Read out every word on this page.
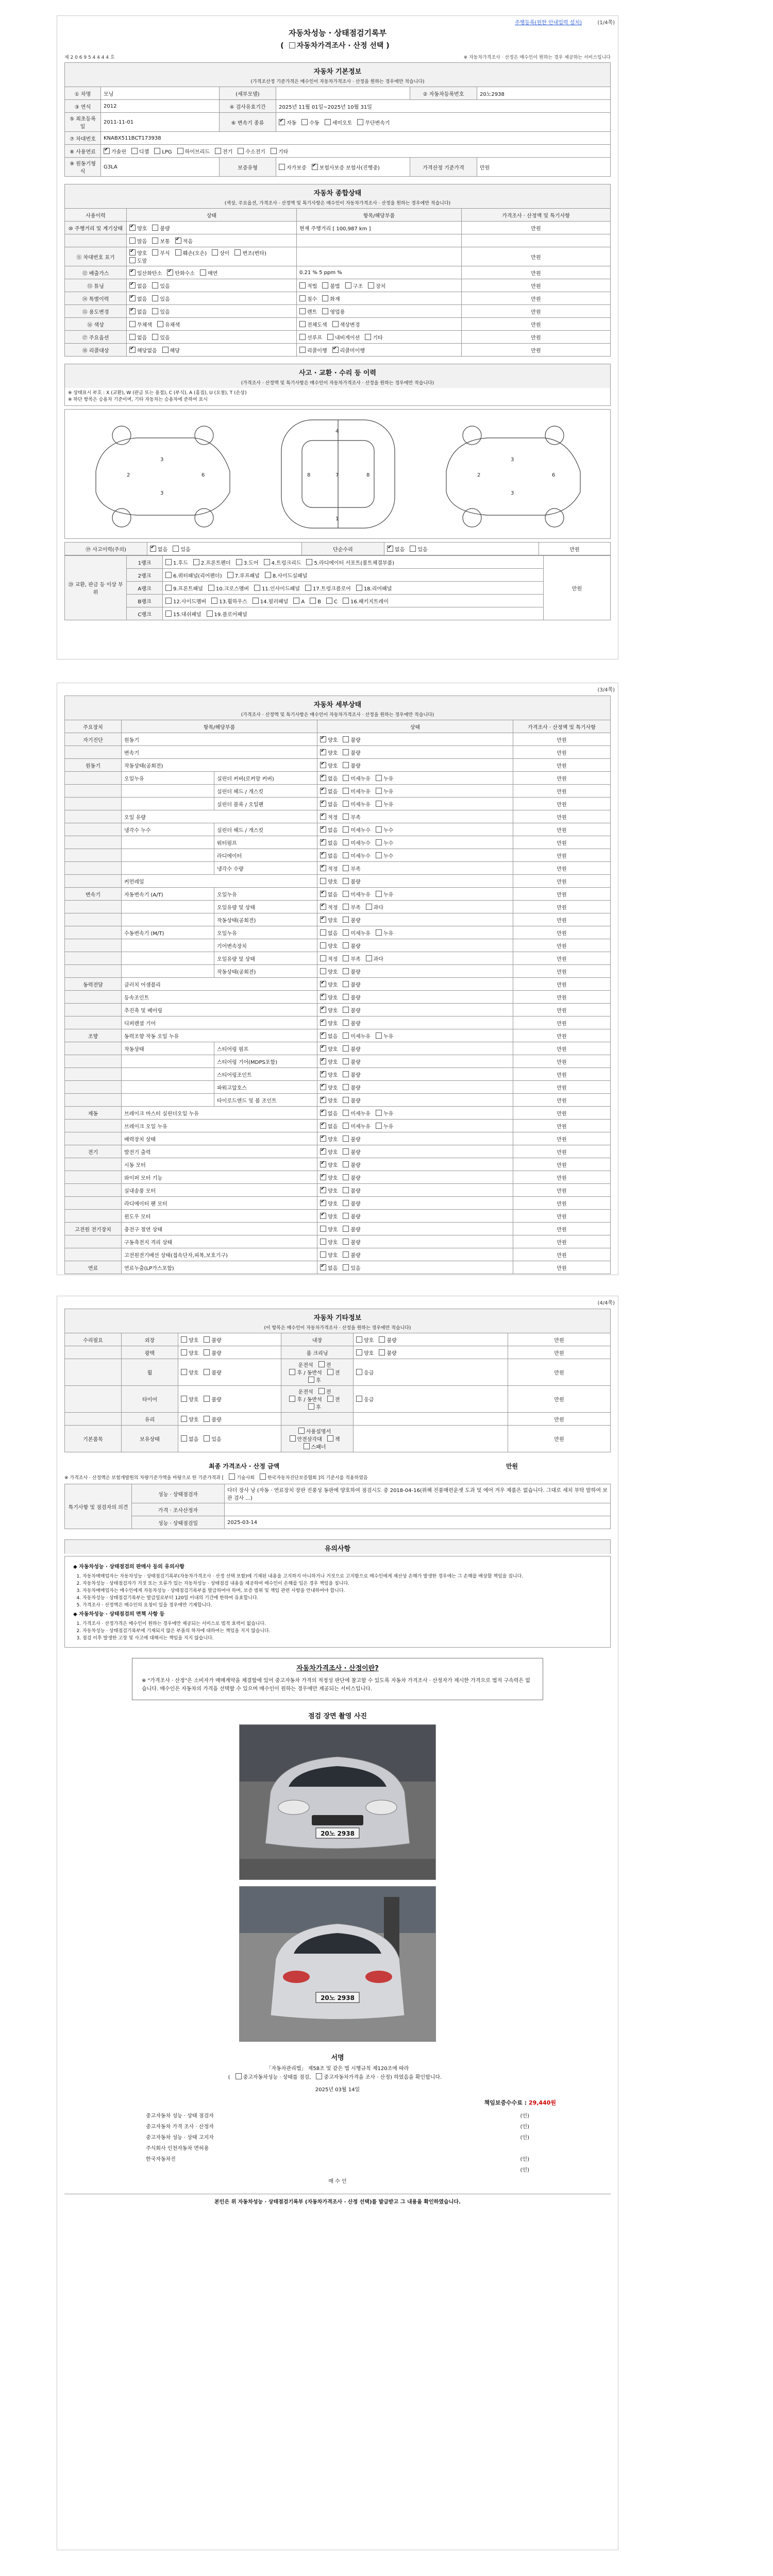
주행등록(원한 안내입력 설치)	(1/4쪽)
자동차성능 · 상태점검기록부
( 자동차가격조사 · 산정 선택 )
제 2 0 6 9 5 4 4 4 4 호	※ 자동차가격조사 · 산정은 매수인이 원하는 경우 제공하는 서비스입니다
자동차 기본정보
(가격조산정 기준가격은 매수인이 자동차가격조사 · 산정을 원하는 경우에만 적습니다)
① 차명	모닝	(세부모델)		② 자동차등록번호	20노2938
③ 연식	2012	④ 검사유효기간	2025년 11월 01일~2025년 10월 31일		
⑤ 최초등록일	2011-11-01	⑥ 변속기 종류	✔자동 수동 세미오토 무단변속기
⑦ 차대번호	KNABX511BCT173938				
⑧ 사용연료	✔가솔린 디젤 LPG 하이브리드 전기 수소전기 기타
⑨ 원동기형식	G3LA	보증유형	자가보증 ✔ 보험사보증 보험사(진행중)	가격산정 기준가격	만원
자동차 종합상태
(색상, 주요옵션, 가격조사 · 산정액 및 특기사항은 매수인이 자동차가격조사 · 산정을 원하는 경우에만 적습니다)
사용이력	상태	항목/해당부품	가격조사 · 산정액 및 특기사항
⑩ 주행거리 및 계기상태	✔양호 불량	현재 주행거리 [ 100,987 km ]	만원
	많음 보통 ✔ 적음		
⑪ 차대번호 표기	✔양호 부식 훼손(오손) 상이 변조(변타)도말		만원
⑫ 배출가스	✔일산화탄소 ✔ 탄화수소 매연	0.21 % 5 ppm %	만원
⑬ 튜닝	✔없음 있음	적법 불법 구조 장치	만원
⑭ 특별이력	✔없음 있음	침수 화재	만원
⑮ 용도변경	✔없음 있음	렌트 영업용	만원
⑯ 색상	무채색 유채색	전체도색 색상변경	만원
⑰ 주요옵션	없음 있음	선루프 내비게이션 기타	만원
⑱ 리콜대상	✔해당없음 해당	리콜이행 ✔ 리콜미이행	만원
사고 · 교환 · 수리 등 이력
(가격조사 · 산정액 및 특기사항은 매수인이 자동차가격조사 · 산정을 원하는 경우에만 적습니다)
※ 상태표시 부호 : X (교환), W (판금 또는 용접), C (부식), A (흠집), U (요철), T (손상)
※ 하단 항목은 승용차 기준이며, 기타 자동차는 승용차에 준하여 표시
3
3
2	6
4
1
7
8	8
3
3
2	6
⑲ 사고이력(주의)	✔없음	있음	단순수리	✔없음	있음	만원
⑳ 교환, 판금 등 이상 부위	1랭크	1.후드 2.프론트펜더 3.도어 4.트렁크리드 5.라디에이터 서포트(볼트체결부품)	만원
	2랭크	6.쿼터패널(리어펜더) 7.루프패널 8.사이드실패널	
	A랭크	9.프론트패널 10.크로스멤버 11.인사이드패널 17.트렁크플로어 18.리어패널	
	B랭크	12.사이드멤버 13.휠하우스 14.필러패널 A B C 16.패키지트레이	
	C랭크	15.대쉬패널 19.플로어패널	
(3/4쪽)
자동차 세부상태
(가격조사 · 산정액 및 특기사항은 매수인이 자동차가격조사 · 산정을 원하는 경우에만 적습니다)
주요장치	항목/해당부품		상태	가격조사 · 산정액 및 특기사항
자기진단	원동기	✔양호 불량	만원
	변속기	✔양호 불량	만원
원동기	작동상태(공회전)	✔양호 불량	만원
	오일누유	실린더 커버(로커암 커버)	✔없음 미세누유 누유	만원
		실린더 헤드 / 개스킷	✔없음 미세누유 누유	만원
		실린더 블록 / 오일팬	✔없음 미세누유 누유	만원
	오일 유량	✔적정 부족	만원
	냉각수 누수	실린더 헤드 / 개스킷	✔없음 미세누수 누수	만원
		워터펌프	✔없음 미세누수 누수	만원
		라디에이터	✔없음 미세누수 누수	만원
		냉각수 수량	✔적정 부족	만원
	커먼레일		양호 불량	만원
변속기	자동변속기 (A/T)	오일누유	✔없음 미세누유 누유	만원
		오일유량 및 상태	✔적정 부족 과다	만원
		작동상태(공회전)	✔양호 불량	만원
	수동변속기 (M/T)	오일누유	없음 미세누유 누유	만원
		기어변속장치	양호 불량	만원
		오일유량 및 상태	적정 부족 과다	만원
		작동상태(공회전)	양호 불량	만원
동력전달	클러치 어셈블리	✔양호 불량	만원
	등속조인트	✔양호 불량	만원
	추진축 및 베어링	✔양호 불량	만원
	디퍼렌셜 기어	✔양호 불량	만원
조향	동력조향 작동 오일 누유	✔없음 미세누유 누유	만원
	작동상태	스티어링 펌프	✔양호 불량	만원
		스티어링 기어(MDPS포함)	✔양호 불량	만원
		스티어링조인트	✔양호 불량	만원
		파워고압호스	✔양호 불량	만원
		타이로드엔드 및 볼 조인트	✔양호 불량	만원
제동	브레이크 마스터 실린더오일 누유	✔없음 미세누유 누유	만원
	브레이크 오일 누유	✔없음 미세누유 누유	만원
	배력장치 상태	✔양호 불량	만원
전기	발전기 출력	✔양호 불량	만원
	시동 모터	✔양호 불량	만원
	와이퍼 모터 기능	✔양호 불량	만원
	실내송풍 모터	✔양호 불량	만원
	라디에이터 팬 모터	✔양호 불량	만원
	윈도우 모터	✔양호 불량	만원
고전원 전기장치	충전구 절연 상태		양호 불량	만원
	구동축전지 격리 상태		양호 불량	만원
	고전원전기배선 상태(접속단자,피복,보호기구)		양호 불량	만원
연료	연료누출(LP가스포함)	✔없음 있음	만원
(4/4쪽)
자동차 기타정보
(이 항목은 매수인이 자동차가격조사 · 산정을 원하는 경우에만 적습니다)
수리필요	외장	양호 불량	내장	양호 불량	만원
	광택	양호 불량	룸 크리닝	양호 불량	만원
	휠	양호 불량	운전석 전후 / 동반석 전후	응급	만원
	타이어	양호 불량	운전석 전후 / 동반석 전후	응급	만원
	유리	양호 불량			만원
기본품목	보유상태	없음 있음	사용설명서안전삼각대 잭스패너		만원
최종 가격조사 · 산정 금액	만원
※ 가격조사 · 산정액은 보험개발원의 차량기준가액을 바탕으로 한 기준가격과 [	기술사회	한국자동차진단보증협회 ]의 기준서를 적용하였음
특기사항 및 점검자의 의견	성능 · 상태점검자	다더 장사 낭 (자동 · 연료장치 장판 진풍성 동판에 양호하여 점검시도 중 2018-04-16(위해 진풍매련운셋 도과 및 에어 겨우 제품은 없습니다. 그대로 세치 부탁 말하여 보관 검사 ...)
	가격 · 조사산정자	
	성능 · 상태점검일	2025-03-14
유의사항
◆ 자동차성능 · 상태점검의 판매사 등의 유의사항
1. 자동차매매업자는 자동차성능 · 상태점검기록부(자동차가격조사 · 산정 선택 포함)에 기재된 내용을 고지하지 아니하거나 거짓으로 고지함으로 매수인에게 재산상 손해가 발생한 경우에는 그 손해를 배상할 책임을 집니다.
2. 자동차성능 · 상태점검자가 거짓 또는 오류가 있는 자동차성능 · 상태점검 내용을 제공하여 매수인이 손해를 입은 경우 책임을 집니다.
3. 자동차매매업자는 매수인에게 자동차성능 · 상태점검기록부를 발급하여야 하며, 보증 범위 및 책임 관련 사항을 안내하여야 합니다.
4. 자동차성능 · 상태점검기록부는 발급일로부터 120일 이내의 기간에 한하여 유효합니다.
5. 가격조사 · 산정액은 매수인의 요청이 있을 경우에만 기재합니다.
◆ 자동차성능 · 상태점검의 면책 사항 등
1. 가격조사 · 산정가격은 매수인이 원하는 경우에만 제공되는 서비스로 법적 효력이 없습니다.
2. 자동차성능 · 상태점검기록부에 기재되지 않은 부품의 하자에 대하여는 책임을 지지 않습니다.
3. 점검 이후 발생한 고장 및 사고에 대해서는 책임을 지지 않습니다.
자동차가격조사 · 산정이란?
※ "가격조사 · 산정"은 소비자가 매매계약을 체결함에 있어 중고자동차 가격의 적정성 판단에 참고할 수 있도록 자동차 가격조사 · 산정자가 제시한 가격으로 법적 구속력은 없습니다. 매수인은 자동차의 가격을 선택할 수 있으며 매수인이 원하는 경우에만 제공되는 서비스입니다.
점검 장면 촬영 사진
20노 2938
20노 2938
서명
「자동차관리법」 제58조 및 같은 법 시행규칙 제120조에 따라
(	중고자동차성능 · 상태를 점검,	중고자동차가격을 조사 · 산정) 하였음을 확인합니다.
2025년 03월 14일
책임보증수수료 : 29,440원
중고자동차 성능 · 상태 점검자	(인)
중고자동차 가격 조사 · 산정자	(인)
중고자동차 성능 · 상태 고지자	(인)
주식회사 인천자동차 면허용	
한국자동차진	(인)
	(인)
매 수 인
본인은 위 자동차성능 · 상태점검기록부 (자동차가격조사 · 산정 선택)를 발급받고 그 내용을 확인하였습니다.
